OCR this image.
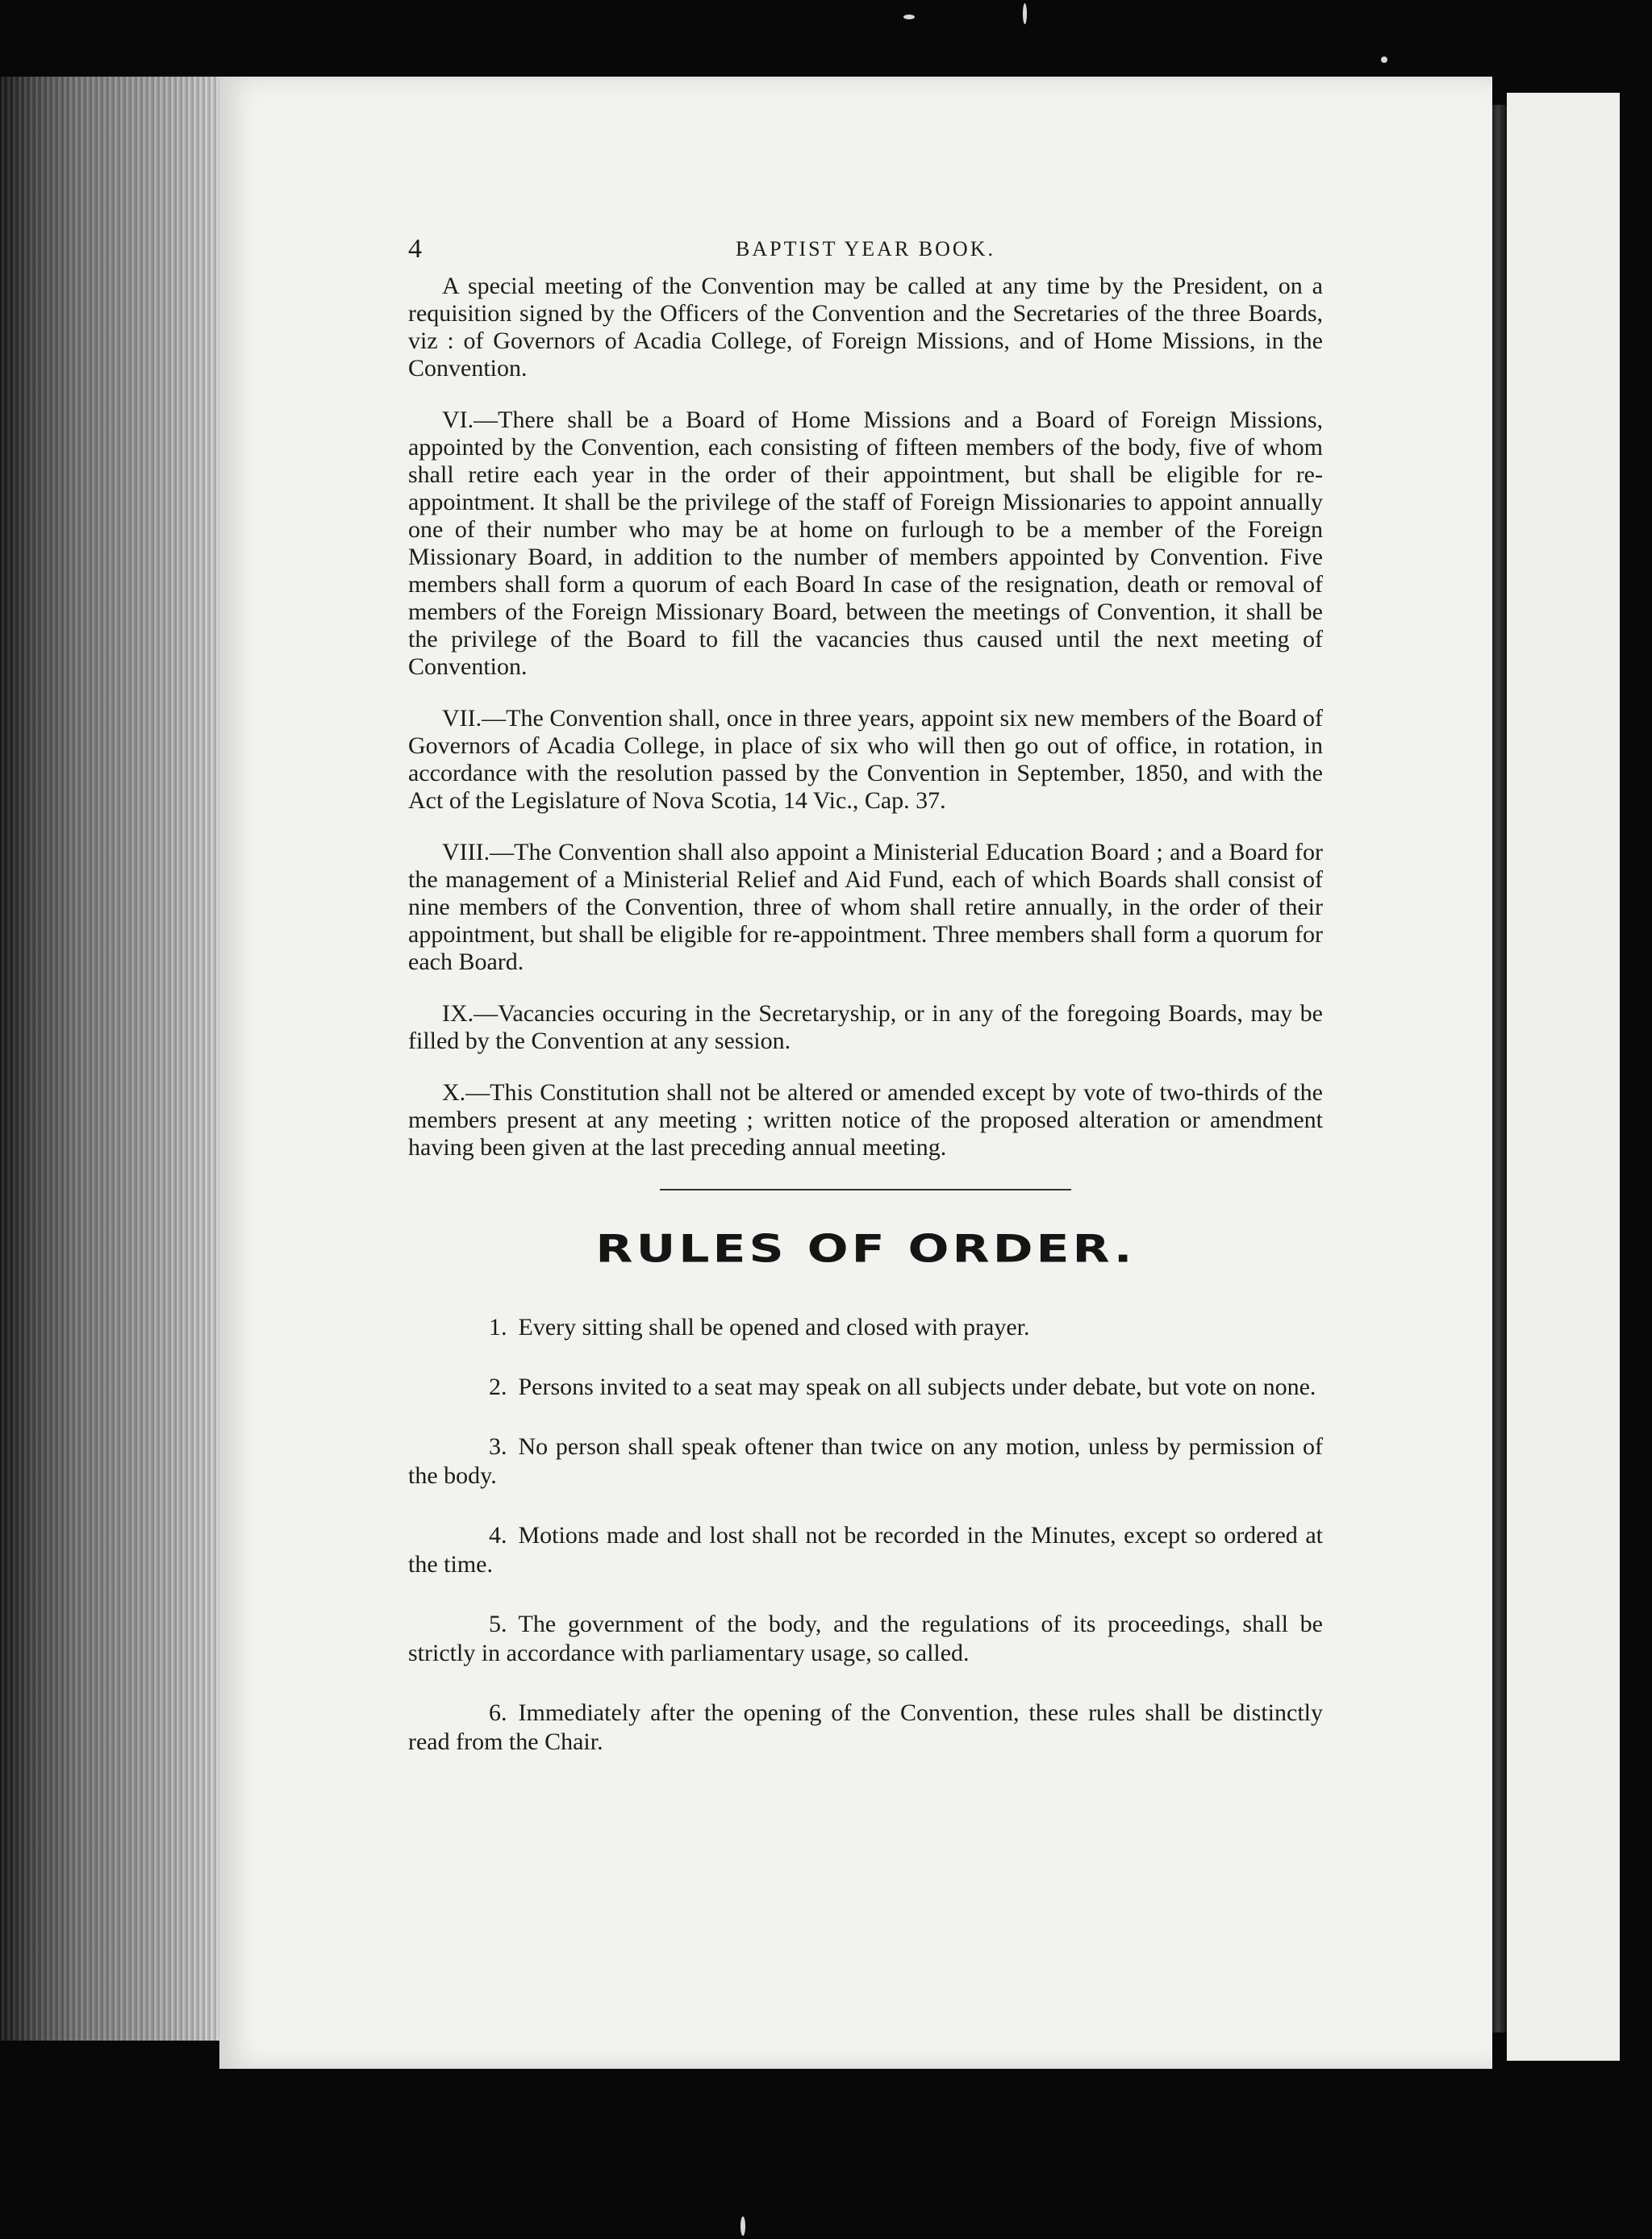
4	BAPTIST YEAR BOOK.

A special meeting of the Convention may be called at any time by the President, on a requisition signed by the Officers of the Convention and the Secretaries of the three Boards, viz : of Governors of Acadia College, of Foreign Missions, and of Home Missions, in the Convention.

VI.—There shall be a Board of Home Missions and a Board of Foreign Missions, appointed by the Convention, each consisting of fifteen members of the body, five of whom shall retire each year in the order of their appointment, but shall be eligible for re-appointment. It shall be the privilege of the staff of Foreign Missionaries to appoint annually one of their number who may be at home on furlough to be a member of the Foreign Missionary Board, in addition to the number of members appointed by Convention. Five members shall form a quorum of each Board In case of the resignation, death or removal of members of the Foreign Missionary Board, between the meetings of Convention, it shall be the privilege of the Board to fill the vacancies thus caused until the next meeting of Convention.

VII.—The Convention shall, once in three years, appoint six new members of the Board of Governors of Acadia College, in place of six who will then go out of office, in rotation, in accordance with the resolution passed by the Convention in September, 1850, and with the Act of the Legislature of Nova Scotia, 14 Vic., Cap. 37.

VIII.—The Convention shall also appoint a Ministerial Education Board ; and a Board for the management of a Ministerial Relief and Aid Fund, each of which Boards shall consist of nine members of the Convention, three of whom shall retire annually, in the order of their appointment, but shall be eligible for re-appointment. Three members shall form a quorum for each Board.

IX.—Vacancies occuring in the Secretaryship, or in any of the foregoing Boards, may be filled by the Convention at any session.

X.—This Constitution shall not be altered or amended except by vote of two-thirds of the members present at any meeting ; written notice of the proposed alteration or amendment having been given at the last preceding annual meeting.

RULES OF ORDER.

1. Every sitting shall be opened and closed with prayer.

2. Persons invited to a seat may speak on all subjects under debate, but vote on none.

3. No person shall speak oftener than twice on any motion, unless by permission of the body.

4. Motions made and lost shall not be recorded in the Minutes, except so ordered at the time.

5. The government of the body, and the regulations of its proceedings, shall be strictly in accordance with parliamentary usage, so called.

6. Immediately after the opening of the Convention, these rules shall be distinctly read from the Chair.
